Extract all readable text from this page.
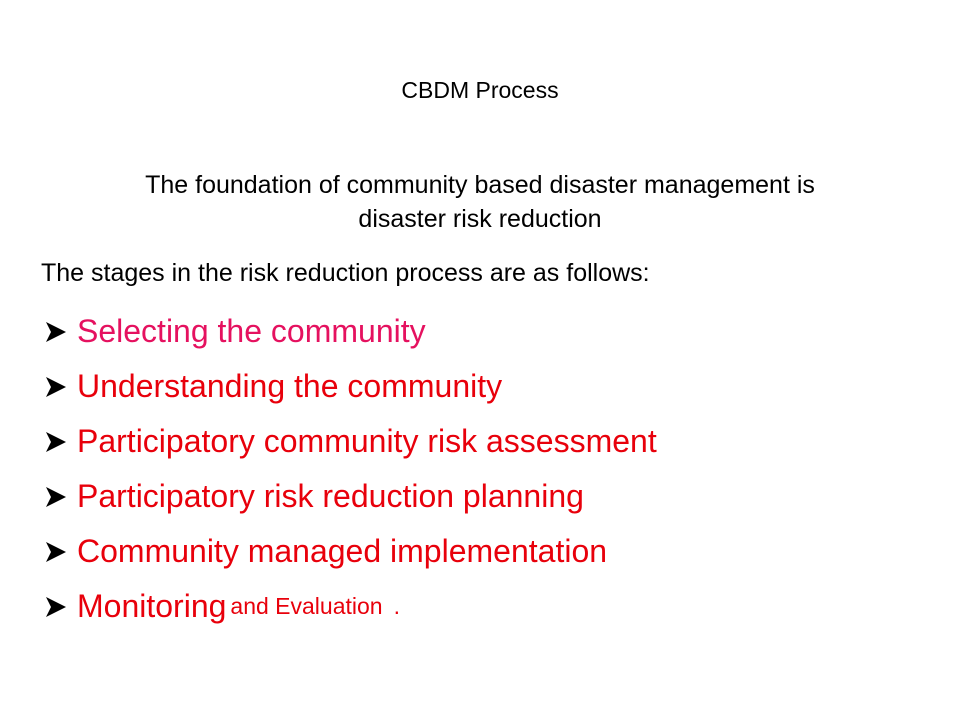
CBDM Process
The foundation of community based disaster management is disaster risk reduction
The stages in the risk reduction process are as follows:
Selecting the community
Understanding the community
Participatory community risk assessment
Participatory risk reduction planning
Community managed implementation
Monitoring and Evaluation .
